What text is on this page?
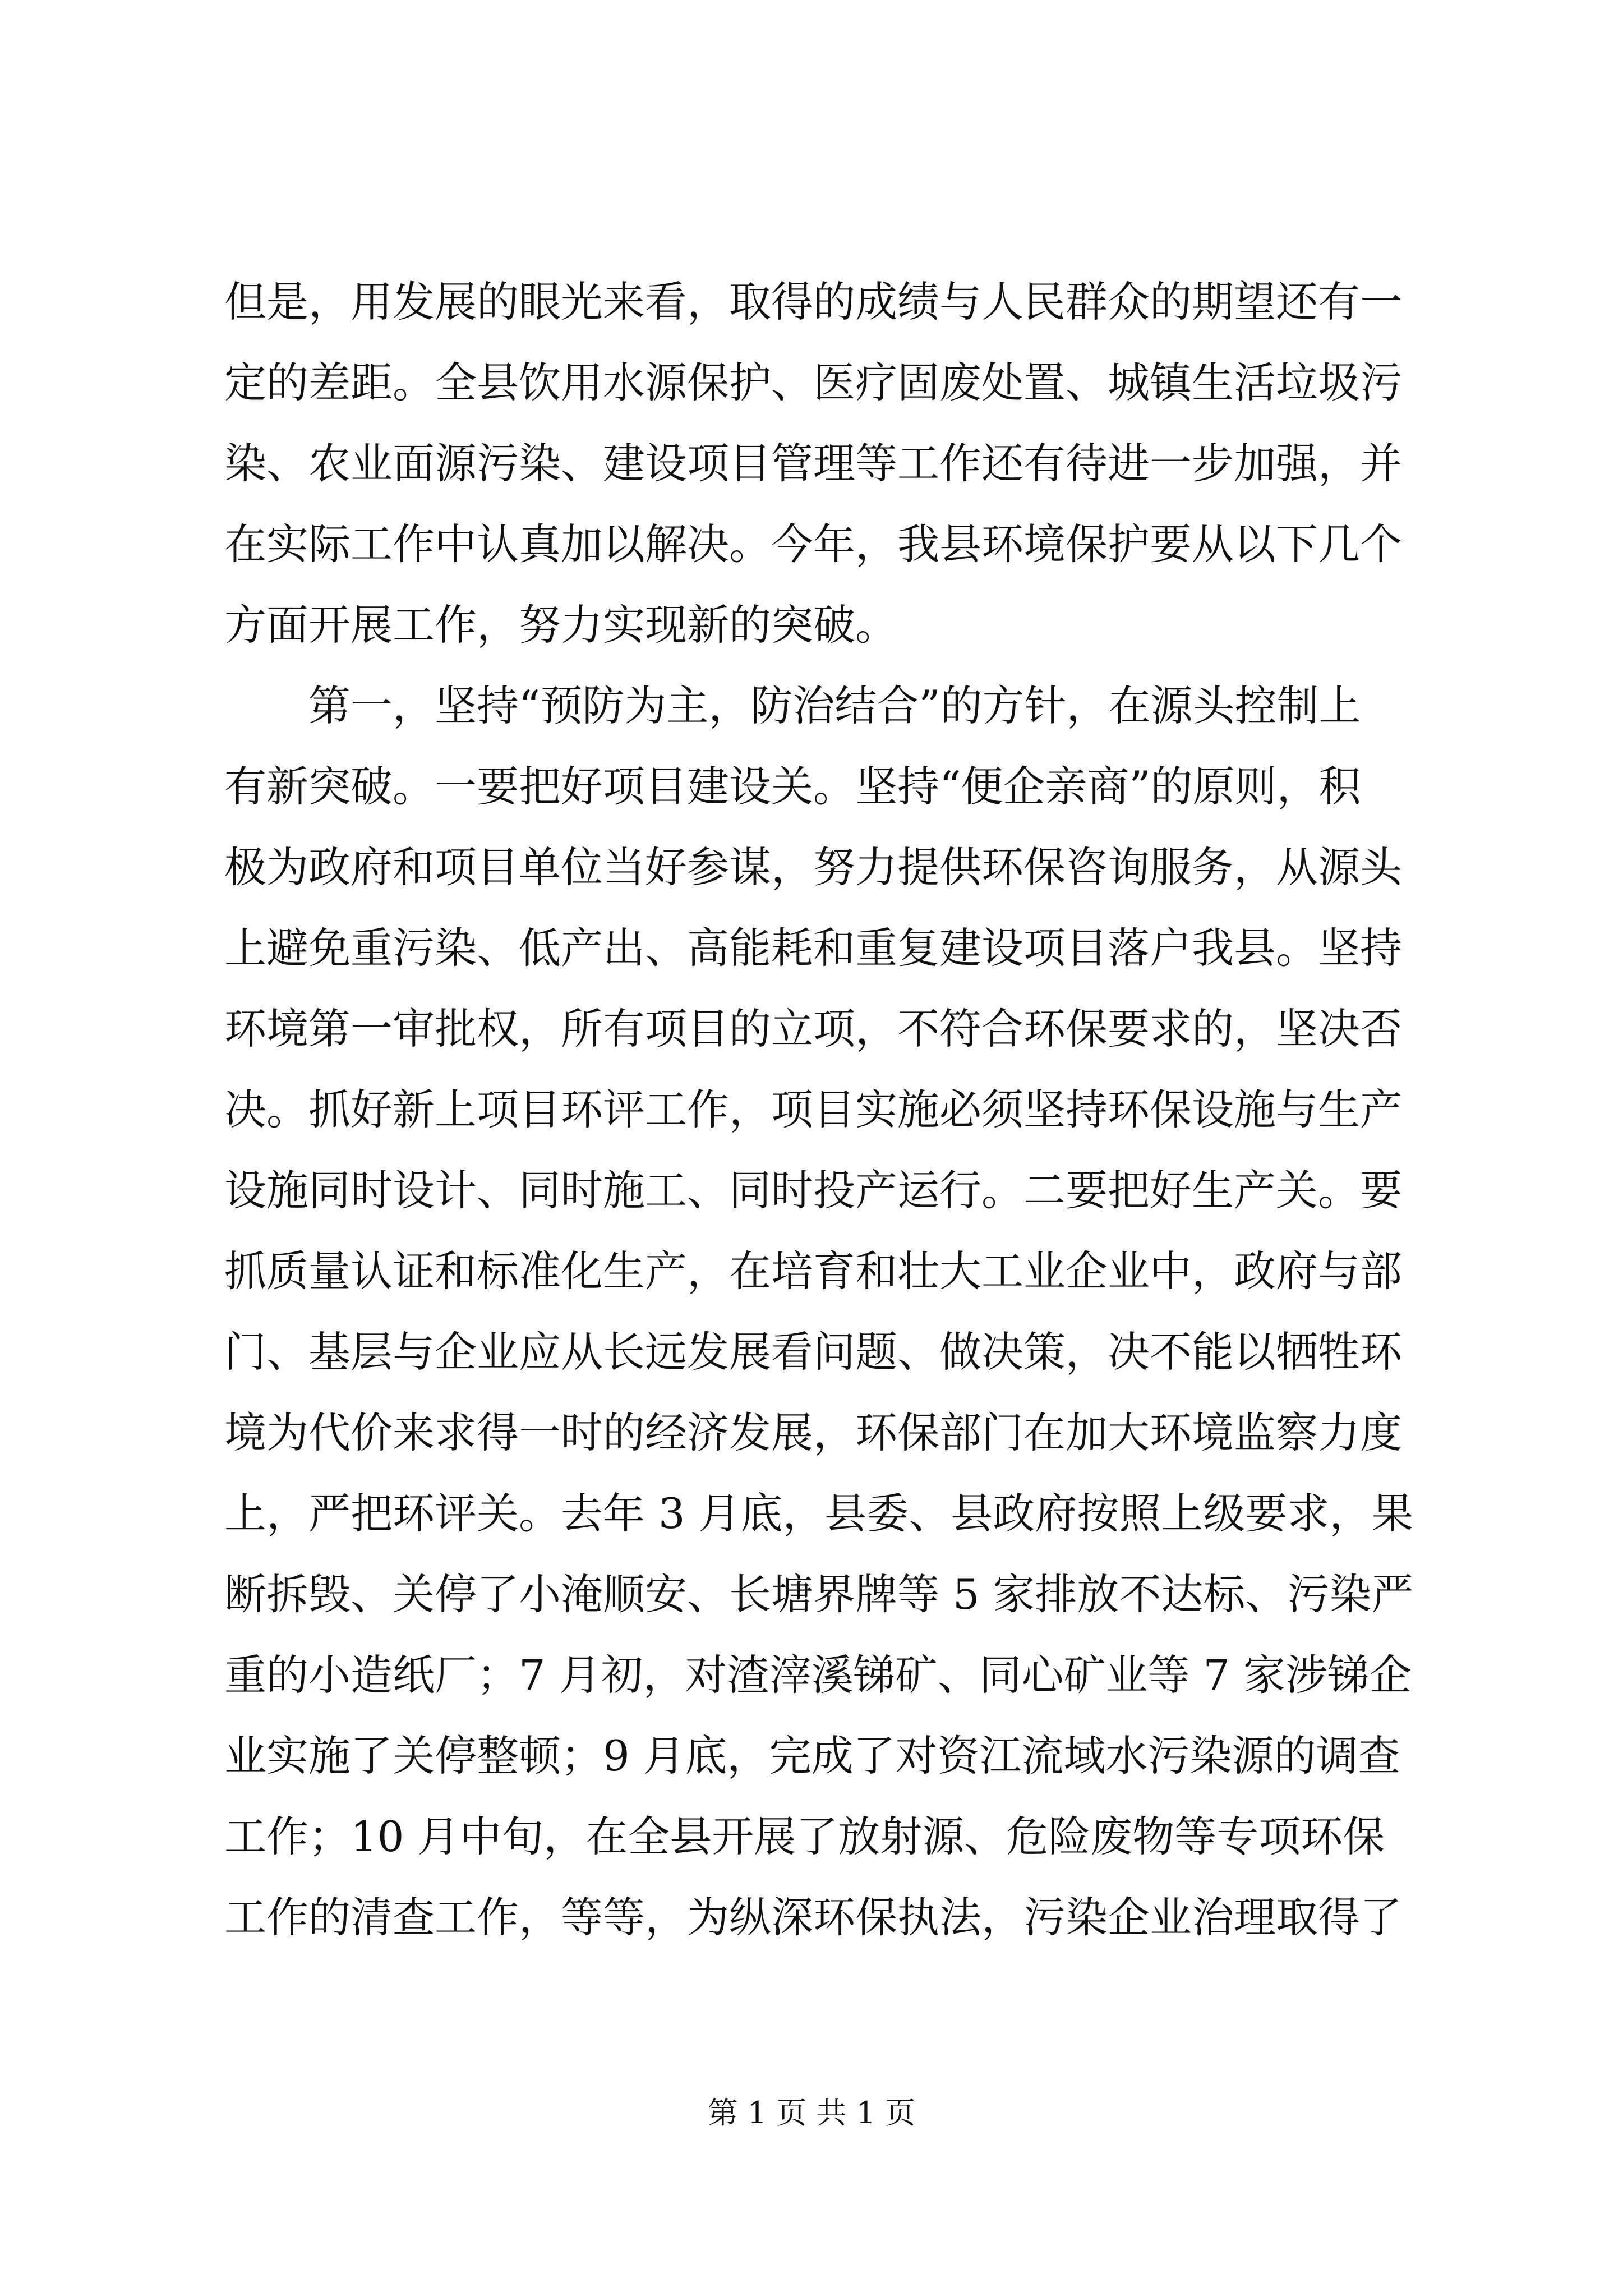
但是，用发展的眼光来看，取得的成绩与人民群众的期望还有一
定的差距。全县饮用水源保护、医疗固废处置、城镇生活垃圾污
染、农业面源污染、建设项目管理等工作还有待进一步加强，并
在实际工作中认真加以解决。今年，我县环境保护要从以下几个
方面开展工作，努力实现新的突破。
　　第一，坚持“预防为主，防治结合”的方针，在源头控制上
有新突破。一要把好项目建设关。坚持“便企亲商”的原则，积
极为政府和项目单位当好参谋，努力提供环保咨询服务，从源头
上避免重污染、低产出、高能耗和重复建设项目落户我县。坚持
环境第一审批权，所有项目的立项，不符合环保要求的，坚决否
决。抓好新上项目环评工作，项目实施必须坚持环保设施与生产
设施同时设计、同时施工、同时投产运行。二要把好生产关。要
抓质量认证和标准化生产，在培育和壮大工业企业中，政府与部
门、基层与企业应从长远发展看问题、做决策，决不能以牺牲环
境为代价来求得一时的经济发展，环保部门在加大环境监察力度
上，严把环评关。去年 3 月底，县委、县政府按照上级要求，果
断拆毁、关停了小淹顺安、长塘界牌等 5 家排放不达标、污染严
重的小造纸厂；7 月初，对渣滓溪锑矿、同心矿业等 7 家涉锑企
业实施了关停整顿；9 月底，完成了对资江流域水污染源的调查
工作；10 月中旬，在全县开展了放射源、危险废物等专项环保
工作的清查工作，等等，为纵深环保执法，污染企业治理取得了
第 1 页 共 1 页
